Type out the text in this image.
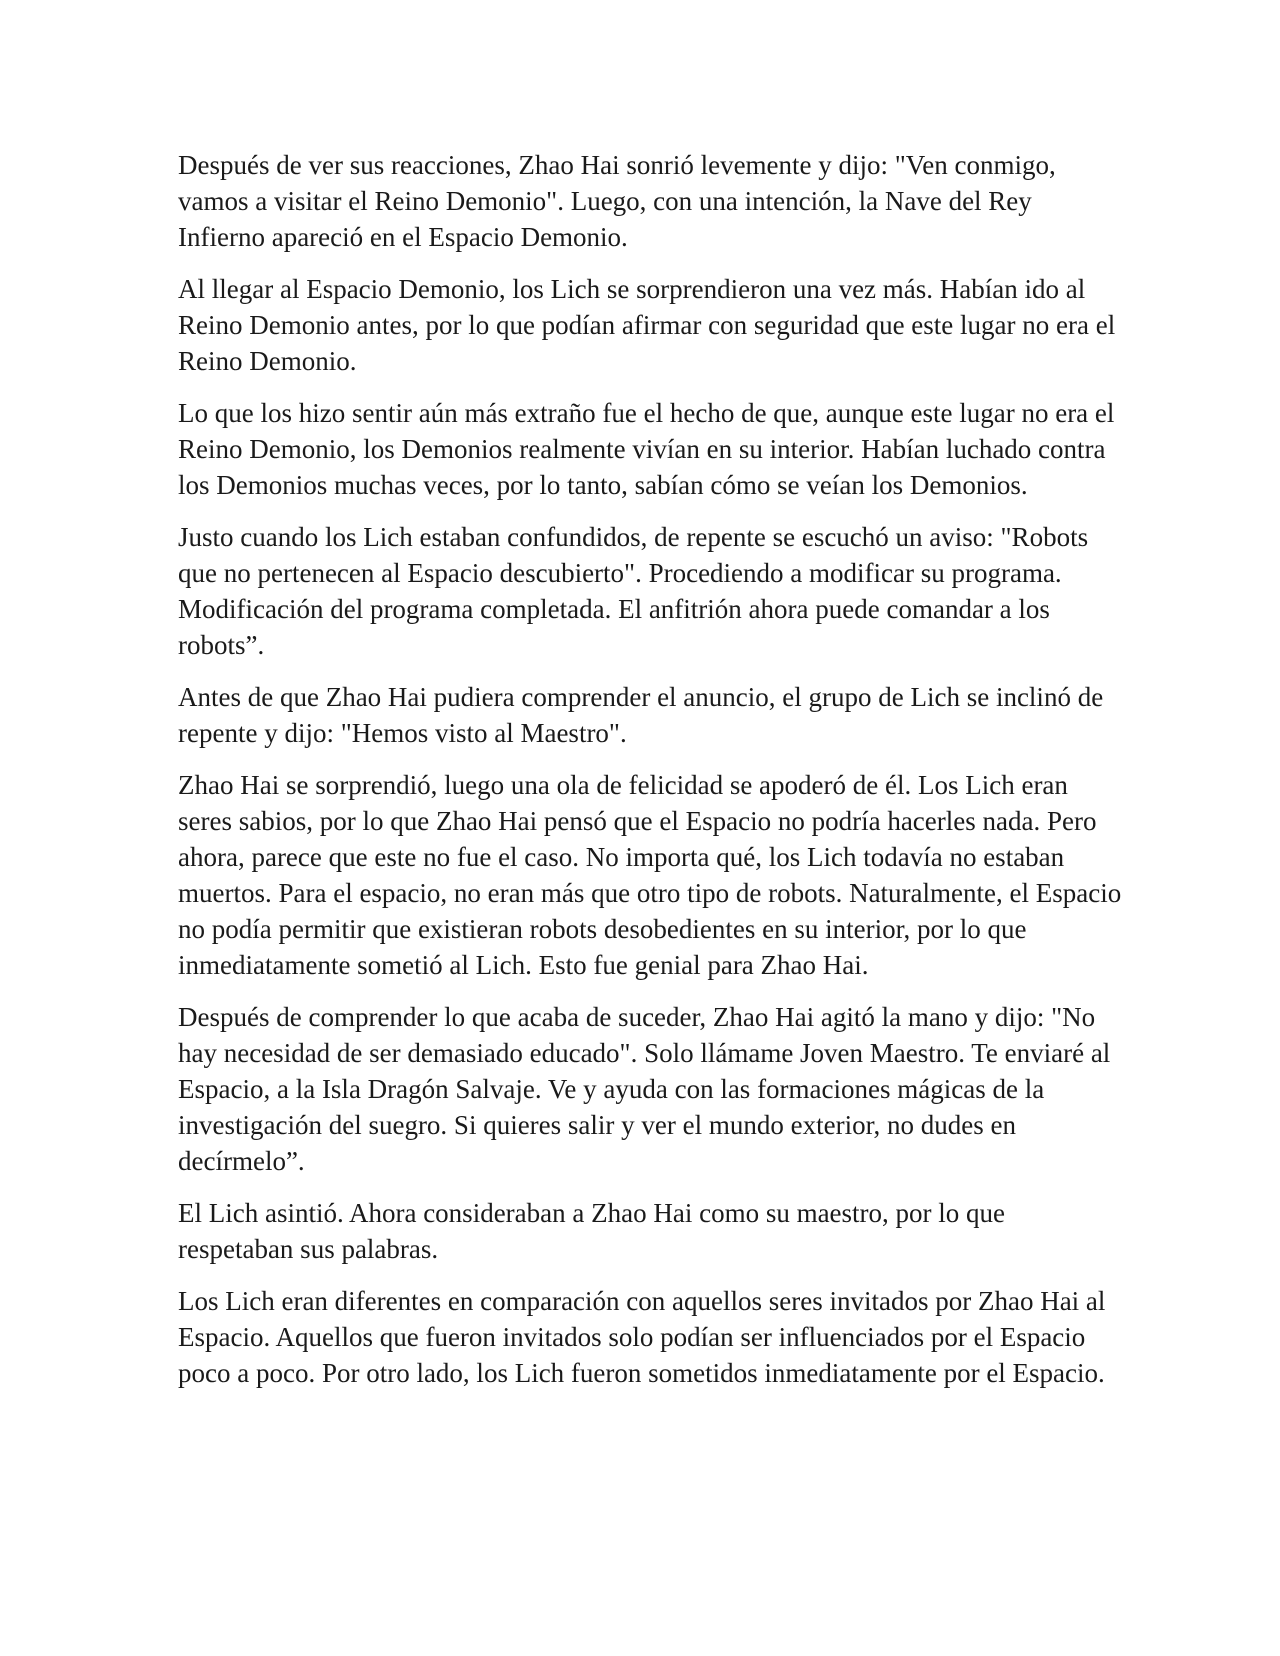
Después de ver sus reacciones, Zhao Hai sonrió levemente y dijo: "Ven conmigo, vamos a visitar el Reino Demonio". Luego, con una intención, la Nave del Rey Infierno apareció en el Espacio Demonio.

Al llegar al Espacio Demonio, los Lich se sorprendieron una vez más. Habían ido al Reino Demonio antes, por lo que podían afirmar con seguridad que este lugar no era el Reino Demonio.

Lo que los hizo sentir aún más extraño fue el hecho de que, aunque este lugar no era el Reino Demonio, los Demonios realmente vivían en su interior. Habían luchado contra los Demonios muchas veces, por lo tanto, sabían cómo se veían los Demonios.

Justo cuando los Lich estaban confundidos, de repente se escuchó un aviso: "Robots que no pertenecen al Espacio descubierto". Procediendo a modificar su programa. Modificación del programa completada. El anfitrión ahora puede comandar a los robots”.

Antes de que Zhao Hai pudiera comprender el anuncio, el grupo de Lich se inclinó de repente y dijo: "Hemos visto al Maestro".

Zhao Hai se sorprendió, luego una ola de felicidad se apoderó de él. Los Lich eran seres sabios, por lo que Zhao Hai pensó que el Espacio no podría hacerles nada. Pero ahora, parece que este no fue el caso. No importa qué, los Lich todavía no estaban muertos. Para el espacio, no eran más que otro tipo de robots. Naturalmente, el Espacio no podía permitir que existieran robots desobedientes en su interior, por lo que inmediatamente sometió al Lich. Esto fue genial para Zhao Hai.

Después de comprender lo que acaba de suceder, Zhao Hai agitó la mano y dijo: "No hay necesidad de ser demasiado educado". Solo llámame Joven Maestro. Te enviaré al Espacio, a la Isla Dragón Salvaje. Ve y ayuda con las formaciones mágicas de la investigación del suegro. Si quieres salir y ver el mundo exterior, no dudes en decírmelo”.

El Lich asintió. Ahora consideraban a Zhao Hai como su maestro, por lo que respetaban sus palabras.

Los Lich eran diferentes en comparación con aquellos seres invitados por Zhao Hai al Espacio. Aquellos que fueron invitados solo podían ser influenciados por el Espacio poco a poco. Por otro lado, los Lich fueron sometidos inmediatamente por el Espacio.
